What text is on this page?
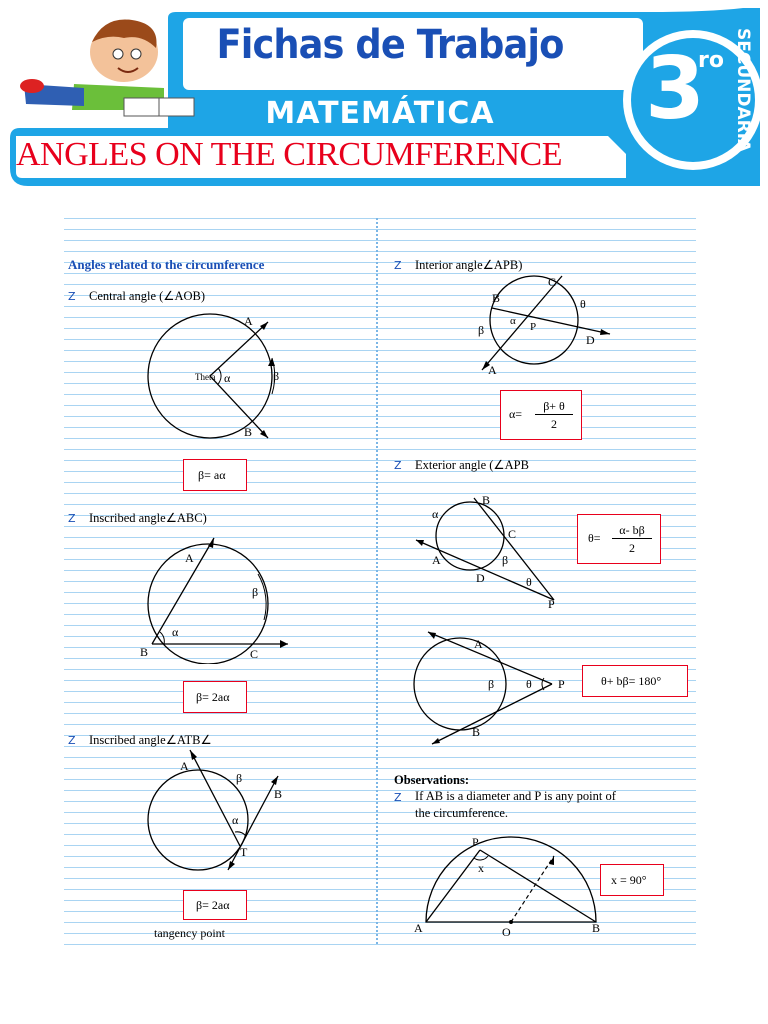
Fichas de Trabajo
MATEMÁTICA
ANGLES ON THE CIRCUMFERENCE
3
ro SECUNDARIA
Angles related to the circumference
Z Central angle (∠AOB)
A
B
Theta α	β
β= aα
Z Inscribed angle∠ABC)
A
B	C
α
β
β= 2aα
Z Inscribed angle∠ATB∠
A
B
T
α
β
β= 2aα
tangency point
Z Interior angle∠APB)
B
C
D
A
P
α
β
θ
α=
β+ θ
2
Z Exterior angle (∠APB
B
C
A
D
P
α
β
θ
θ=
α- bβ
2
A
B
P
β	θ	θ+ bβ= 180°
Observations:
Z If AB is a diameter and P is any point of
the circumference.
P
x
A	O	B
x = 90°
